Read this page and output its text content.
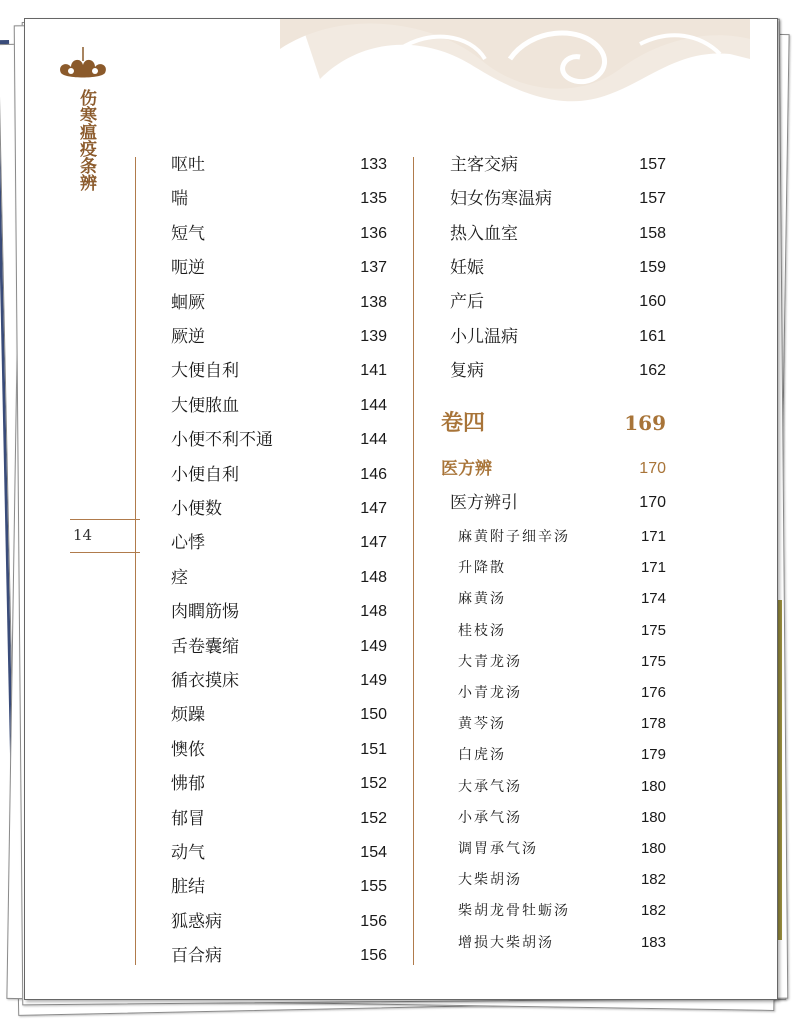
伤寒瘟疫条辨
14
呕吐	133
喘	135
短气	136
呃逆	137
蛔厥	138
厥逆	139
大便自利	141
大便脓血	144
小便不利不通	144
小便自利	146
小便数	147
心悸	147
痉	148
肉瞤筋惕	148
舌卷囊缩	149
循衣摸床	149
烦躁	150
懊侬	151
怫郁	152
郁冒	152
动气	154
脏结	155
狐惑病	156
百合病	156
主客交病	157
妇女伤寒温病	157
热入血室	158
妊娠	159
产后	160
小儿温病	161
复病	162
卷四	169
医方辨	170
医方辨引	170
麻黄附子细辛汤	171
升降散	171
麻黄汤	174
桂枝汤	175
大青龙汤	175
小青龙汤	176
黄芩汤	178
白虎汤	179
大承气汤	180
小承气汤	180
调胃承气汤	180
大柴胡汤	182
柴胡龙骨牡蛎汤	182
增损大柴胡汤	183
